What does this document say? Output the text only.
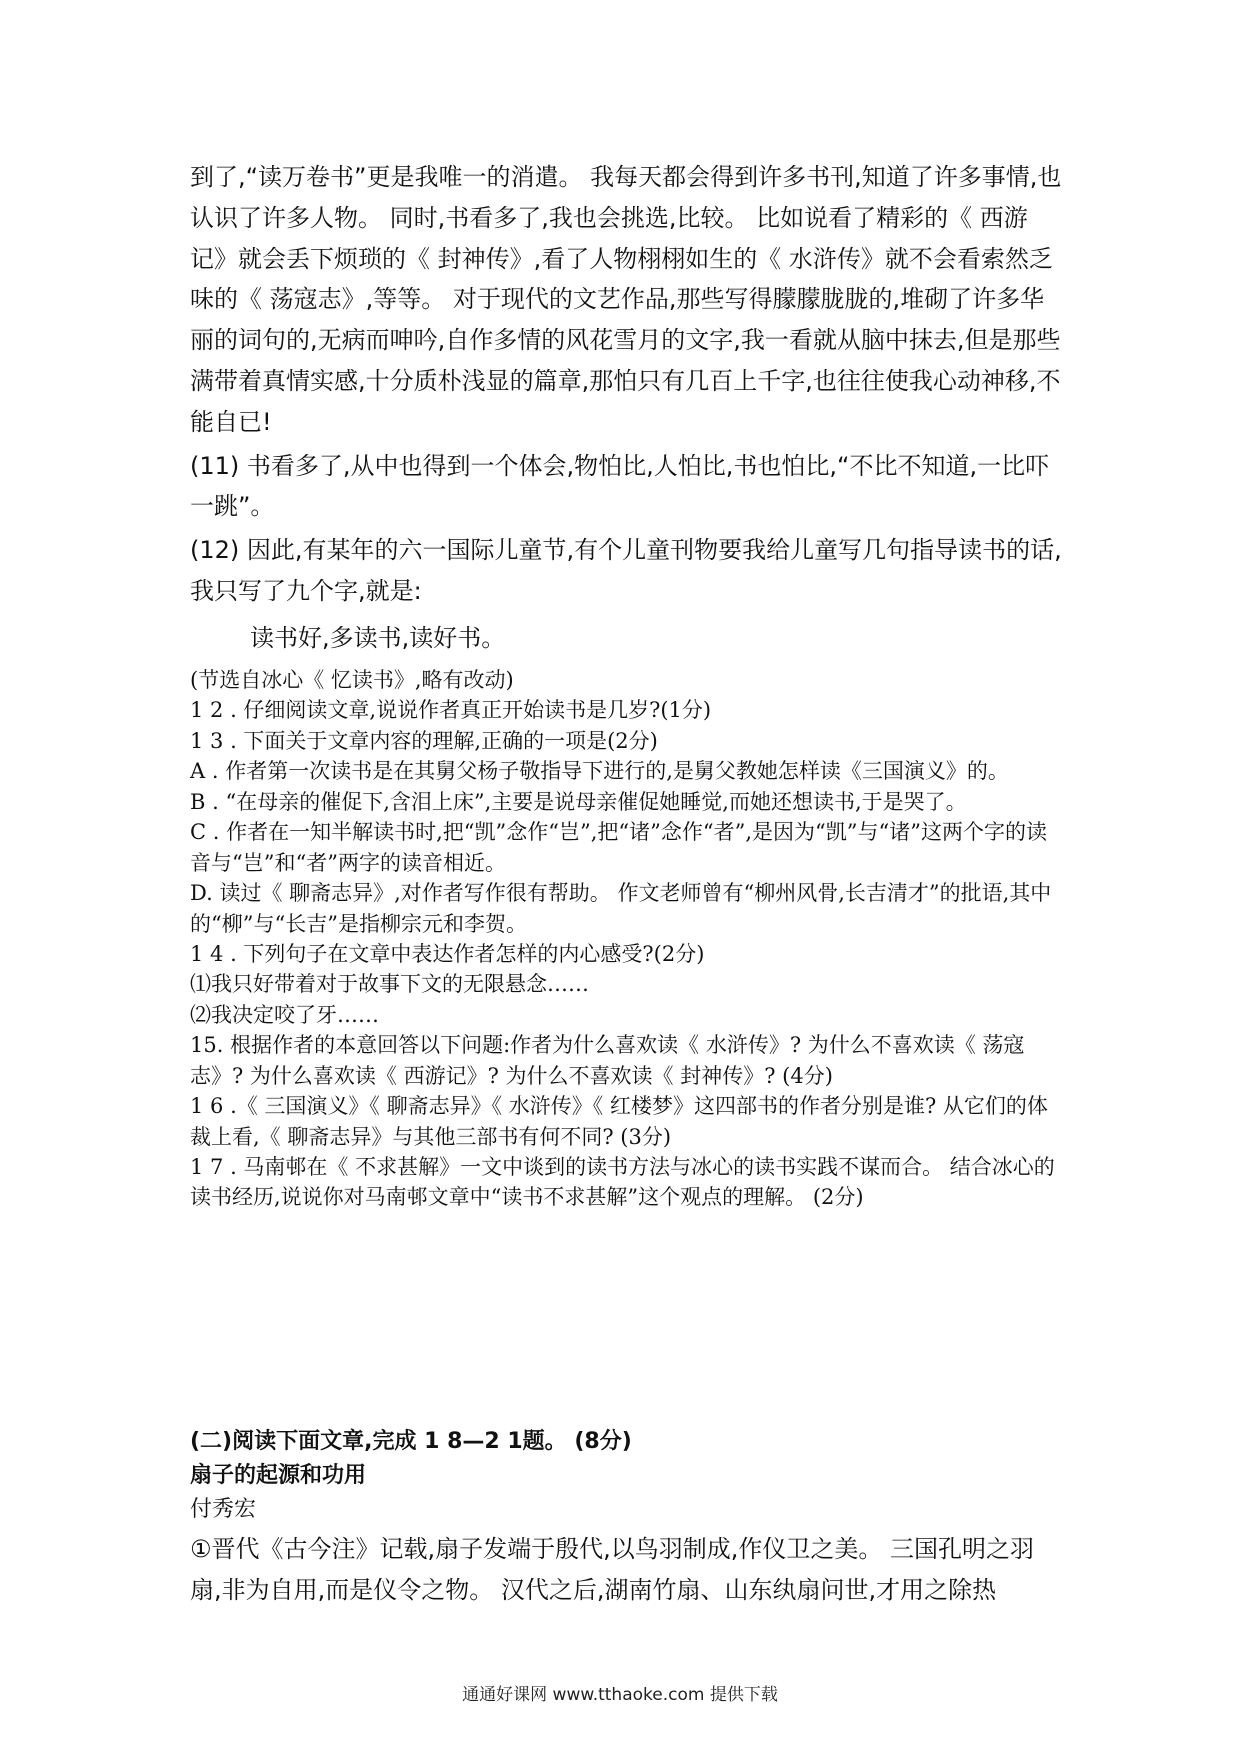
到了,“读万卷书”更是我唯一的消遣。 我每天都会得到许多书刊,知道了许多事情,也认识了许多人物。 同时,书看多了,我也会挑选,比较。 比如说看了精彩的《 西游记》就会丢下烦琐的《 封神传》,看了人物栩栩如生的《 水浒传》就不会看索然乏味的《 荡寇志》,等等。 对于现代的文艺作品,那些写得朦朦胧胧的,堆砌了许多华丽的词句的,无病而呻吟,自作多情的风花雪月的文字,我一看就从脑中抹去,但是那些满带着真情实感,十分质朴浅显的篇章,那怕只有几百上千字,也往往使我心动神移,不能自已!

(11) 书看多了,从中也得到一个体会,物怕比,人怕比,书也怕比,“不比不知道,一比吓一跳”。

(12) 因此,有某年的六一国际儿童节,有个儿童刊物要我给儿童写几句指导读书的话,我只写了九个字,就是:

读书好,多读书,读好书。

(节选自冰心《 忆读书》,略有改动)

1 2 . 仔细阅读文章,说说作者真正开始读书是几岁?(1分)

1 3 . 下面关于文章内容的理解,正确的一项是(2分)

A . 作者第一次读书是在其舅父杨子敬指导下进行的,是舅父教她怎样读《三国演义》的。

B . “在母亲的催促下,含泪上床”,主要是说母亲催促她睡觉,而她还想读书,于是哭了。

C . 作者在一知半解读书时,把“凯”念作“岂”,把“诸”念作“者”,是因为“凯”与“诸”这两个字的读音与“岂”和“者”两字的读音相近。

D. 读过《 聊斋志异》,对作者写作很有帮助。 作文老师曾有“柳州风骨,长吉清才”的批语,其中的“柳”与“长吉”是指柳宗元和李贺。

1 4 . 下列句子在文章中表达作者怎样的内心感受?(2分)

⑴我只好带着对于故事下文的无限悬念……

⑵我决定咬了牙……

15. 根据作者的本意回答以下问题:作者为什么喜欢读《 水浒传》? 为什么不喜欢读《 荡寇志》? 为什么喜欢读《 西游记》? 为什么不喜欢读《 封神传》? (4分)

1 6 .《 三国演义》《 聊斋志异》《 水浒传》《 红楼梦》这四部书的作者分别是谁? 从它们的体裁上看,《 聊斋志异》与其他三部书有何不同? (3分)

1 7 . 马南邨在《 不求甚解》一文中谈到的读书方法与冰心的读书实践不谋而合。 结合冰心的读书经历,说说你对马南邨文章中“读书不求甚解”这个观点的理解。 (2分)

(二)阅读下面文章,完成 1 8—2 1题。 (8分)

扇子的起源和功用

付秀宏

①晋代《古今注》记载,扇子发端于殷代,以鸟羽制成,作仪卫之美。 三国孔明之羽扇,非为自用,而是仪令之物。 汉代之后,湖南竹扇、山东纨扇问世,才用之除热

通通好课网 www.tthaoke.com 提供下载
